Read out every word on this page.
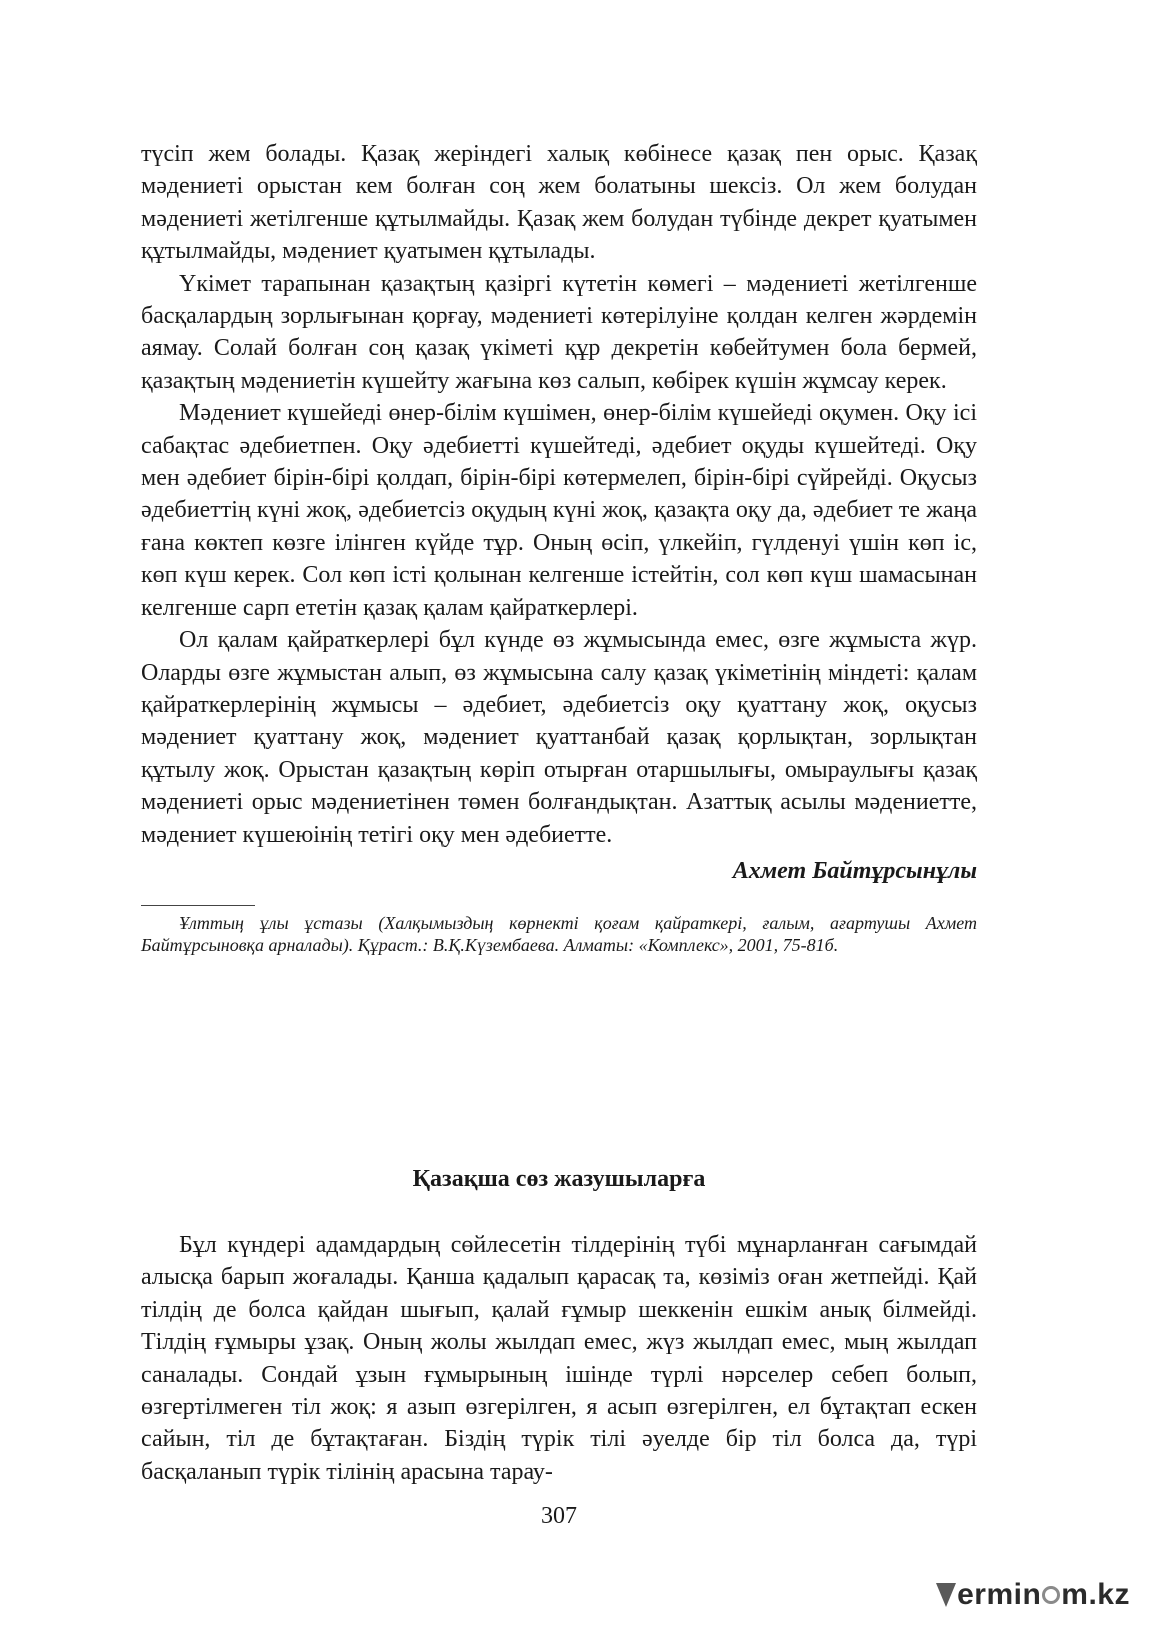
түсіп жем болады. Қазақ жеріндегі халық көбінесе қазақ пен орыс. Қазақ мәдениеті орыстан кем болған соң жем болатыны шексіз. Ол жем болудан мәдениеті жетілгенше құтылмайды. Қазақ жем болудан түбінде декрет қуатымен құтылмайды, мәдениет қуатымен құтылады.

Үкімет тарапынан қазақтың қазіргі күтетін көмегі – мәдениеті жетілгенше басқалардың зорлығынан қорғау, мәдениеті көтерілуіне қолдан келген жәрдемін аямау. Солай болған соң қазақ үкіметі құр декретін көбейтумен бола бермей, қазақтың мәдениетін күшейту жағына көз салып, көбірек күшін жұмсау керек.

Мәдениет күшейеді өнер-білім күшімен, өнер-білім күшейеді оқумен. Оқу ісі сабақтас әдебиетпен. Оқу әдебиетті күшейтеді, әдебиет оқуды күшейтеді. Оқу мен әдебиет бірін-бірі қолдап, бірін-бірі көтермелеп, бірін-бірі сүйрейді. Оқусыз әдебиеттің күні жоқ, әдебиетсіз оқудың күні жоқ, қазақта оқу да, әдебиет те жаңа ғана көктеп көзге ілінген күйде тұр. Оның өсіп, үлкейіп, гүлденуі үшін көп іс, көп күш керек. Сол көп істі қолынан келгенше істейтін, сол көп күш шамасынан келгенше сарп ететін қазақ қалам қайраткерлері.

Ол қалам қайраткерлері бұл күнде өз жұмысында емес, өзге жұмыста жүр. Оларды өзге жұмыстан алып, өз жұмысына салу қазақ үкіметінің міндеті: қалам қайраткерлерінің жұмысы – әдебиет, әдебиетсіз оқу қуаттану жоқ, оқусыз мәдениет қуаттану жоқ, мәдениет қуаттанбай қазақ қорлықтан, зорлықтан құтылу жоқ. Орыстан қазақтың көріп отырған отаршылығы, омыраулығы қазақ мәдениеті орыс мәдениетінен төмен болғандықтан. Азаттық асылы мәдениетте, мәдениет күшеюінің тетігі оқу мен әдебиетте.

Ахмет Байтұрсынұлы

Ұлттың ұлы ұстазы (Халқымыздың көрнекті қоғам қайраткері, ғалым, ағартушы Ахмет Байтұрсыновқа арналады). Құраст.: В.Қ.Күзембаева. Алматы: «Комплекс», 2001, 75-81б.

Қазақша сөз жазушыларға

Бұл күндері адамдардың сөйлесетін тілдерінің түбі мұнарланған сағымдай алысқа барып жоғалады. Қанша қадалып қарасақ та, көзіміз оған жетпейді. Қай тілдің де болса қайдан шығып, қалай ғұмыр шеккенін ешкім анық білмейді. Тілдің ғұмыры ұзақ. Оның жолы жылдап емес, жүз жылдап емес, мың жылдап саналады. Сондай ұзын ғұмырының ішінде түрлі нәрселер себеп болып, өзгертілмеген тіл жоқ: я азып өзгерілген, я асып өзгерілген, ел бұтақтап ескен сайын, тіл де бұтақтаған. Біздің түрік тілі әуелде бір тіл болса да, түрі басқаланып түрік тілінің арасына тарау-

307
ermin m.kz
